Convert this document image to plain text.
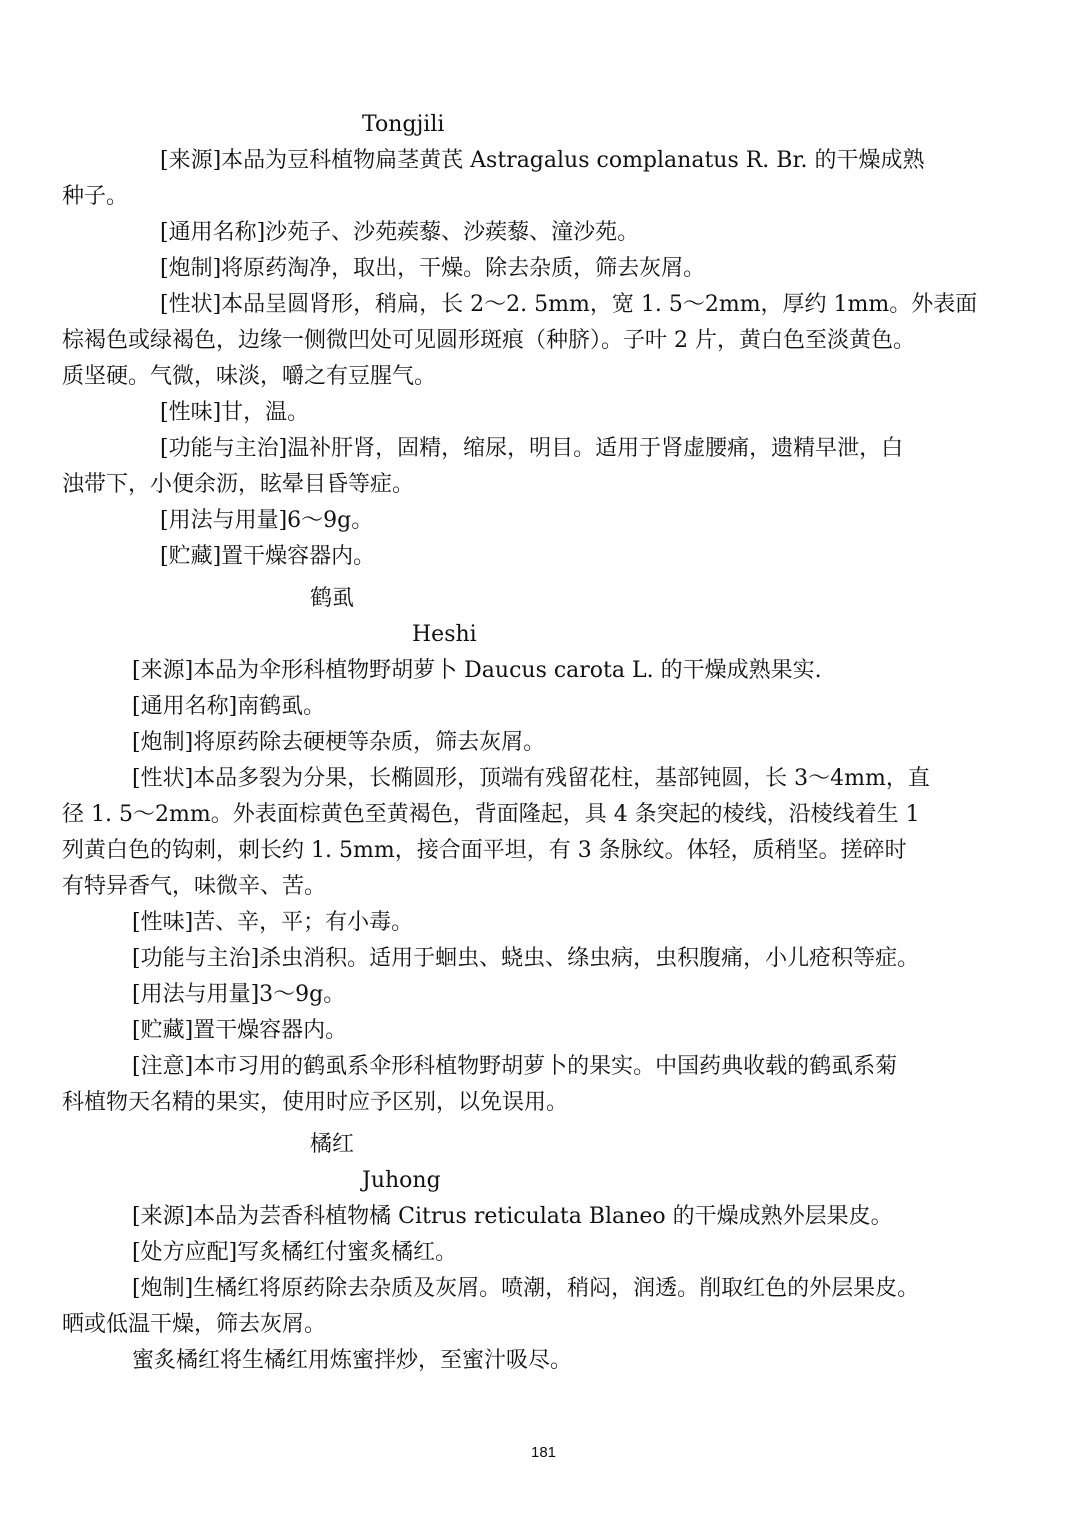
Tongjili
[来源]本品为豆科植物扁茎黄芪 Astragalus complanatus R. Br. 的干燥成熟
种子。
[通用名称]沙苑子、沙苑蒺藜、沙蒺藜、潼沙苑。
[炮制]将原药淘净，取出，干燥。除去杂质，筛去灰屑。
[性状]本品呈圆肾形，稍扁，长 2～2. 5mm，宽 1. 5～2mm，厚约 1mm。外表面
棕褐色或绿褐色，边缘一侧微凹处可见圆形斑痕（种脐）。子叶 2 片，黄白色至淡黄色。
质坚硬。气微，味淡，嚼之有豆腥气。
[性味]甘，温。
[功能与主治]温补肝肾，固精，缩尿，明目。适用于肾虚腰痛，遗精早泄，白
浊带下，小便余沥，眩晕目昏等症。
[用法与用量]6～9g。
[贮藏]置干燥容器内。
鹤虱
Heshi
[来源]本品为伞形科植物野胡萝卜 Daucus carota L. 的干燥成熟果实.
[通用名称]南鹤虱。
[炮制]将原药除去硬梗等杂质，筛去灰屑。
[性状]本品多裂为分果，长椭圆形，顶端有残留花柱，基部钝圆，长 3～4mm，直
径 1. 5～2mm。外表面棕黄色至黄褐色，背面隆起，具 4 条突起的棱线，沿棱线着生 1
列黄白色的钩刺，刺长约 1. 5mm，接合面平坦，有 3 条脉纹。体轻，质稍坚。搓碎时
有特异香气，味微辛、苦。
[性味]苦、辛，平；有小毒。
[功能与主治]杀虫消积。适用于蛔虫、蛲虫、绦虫病，虫积腹痛，小儿疮积等症。
[用法与用量]3～9g。
[贮藏]置干燥容器内。
[注意]本市习用的鹤虱系伞形科植物野胡萝卜的果实。中国药典收载的鹤虱系菊
科植物天名精的果实，使用时应予区别，以免误用。
橘红
Juhong
[来源]本品为芸香科植物橘 Citrus reticulata Blaneo 的干燥成熟外层果皮。
[处方应配]写炙橘红付蜜炙橘红。
[炮制]生橘红将原药除去杂质及灰屑。喷潮，稍闷，润透。削取红色的外层果皮。
晒或低温干燥，筛去灰屑。
蜜炙橘红将生橘红用炼蜜拌炒，至蜜汁吸尽。
181
